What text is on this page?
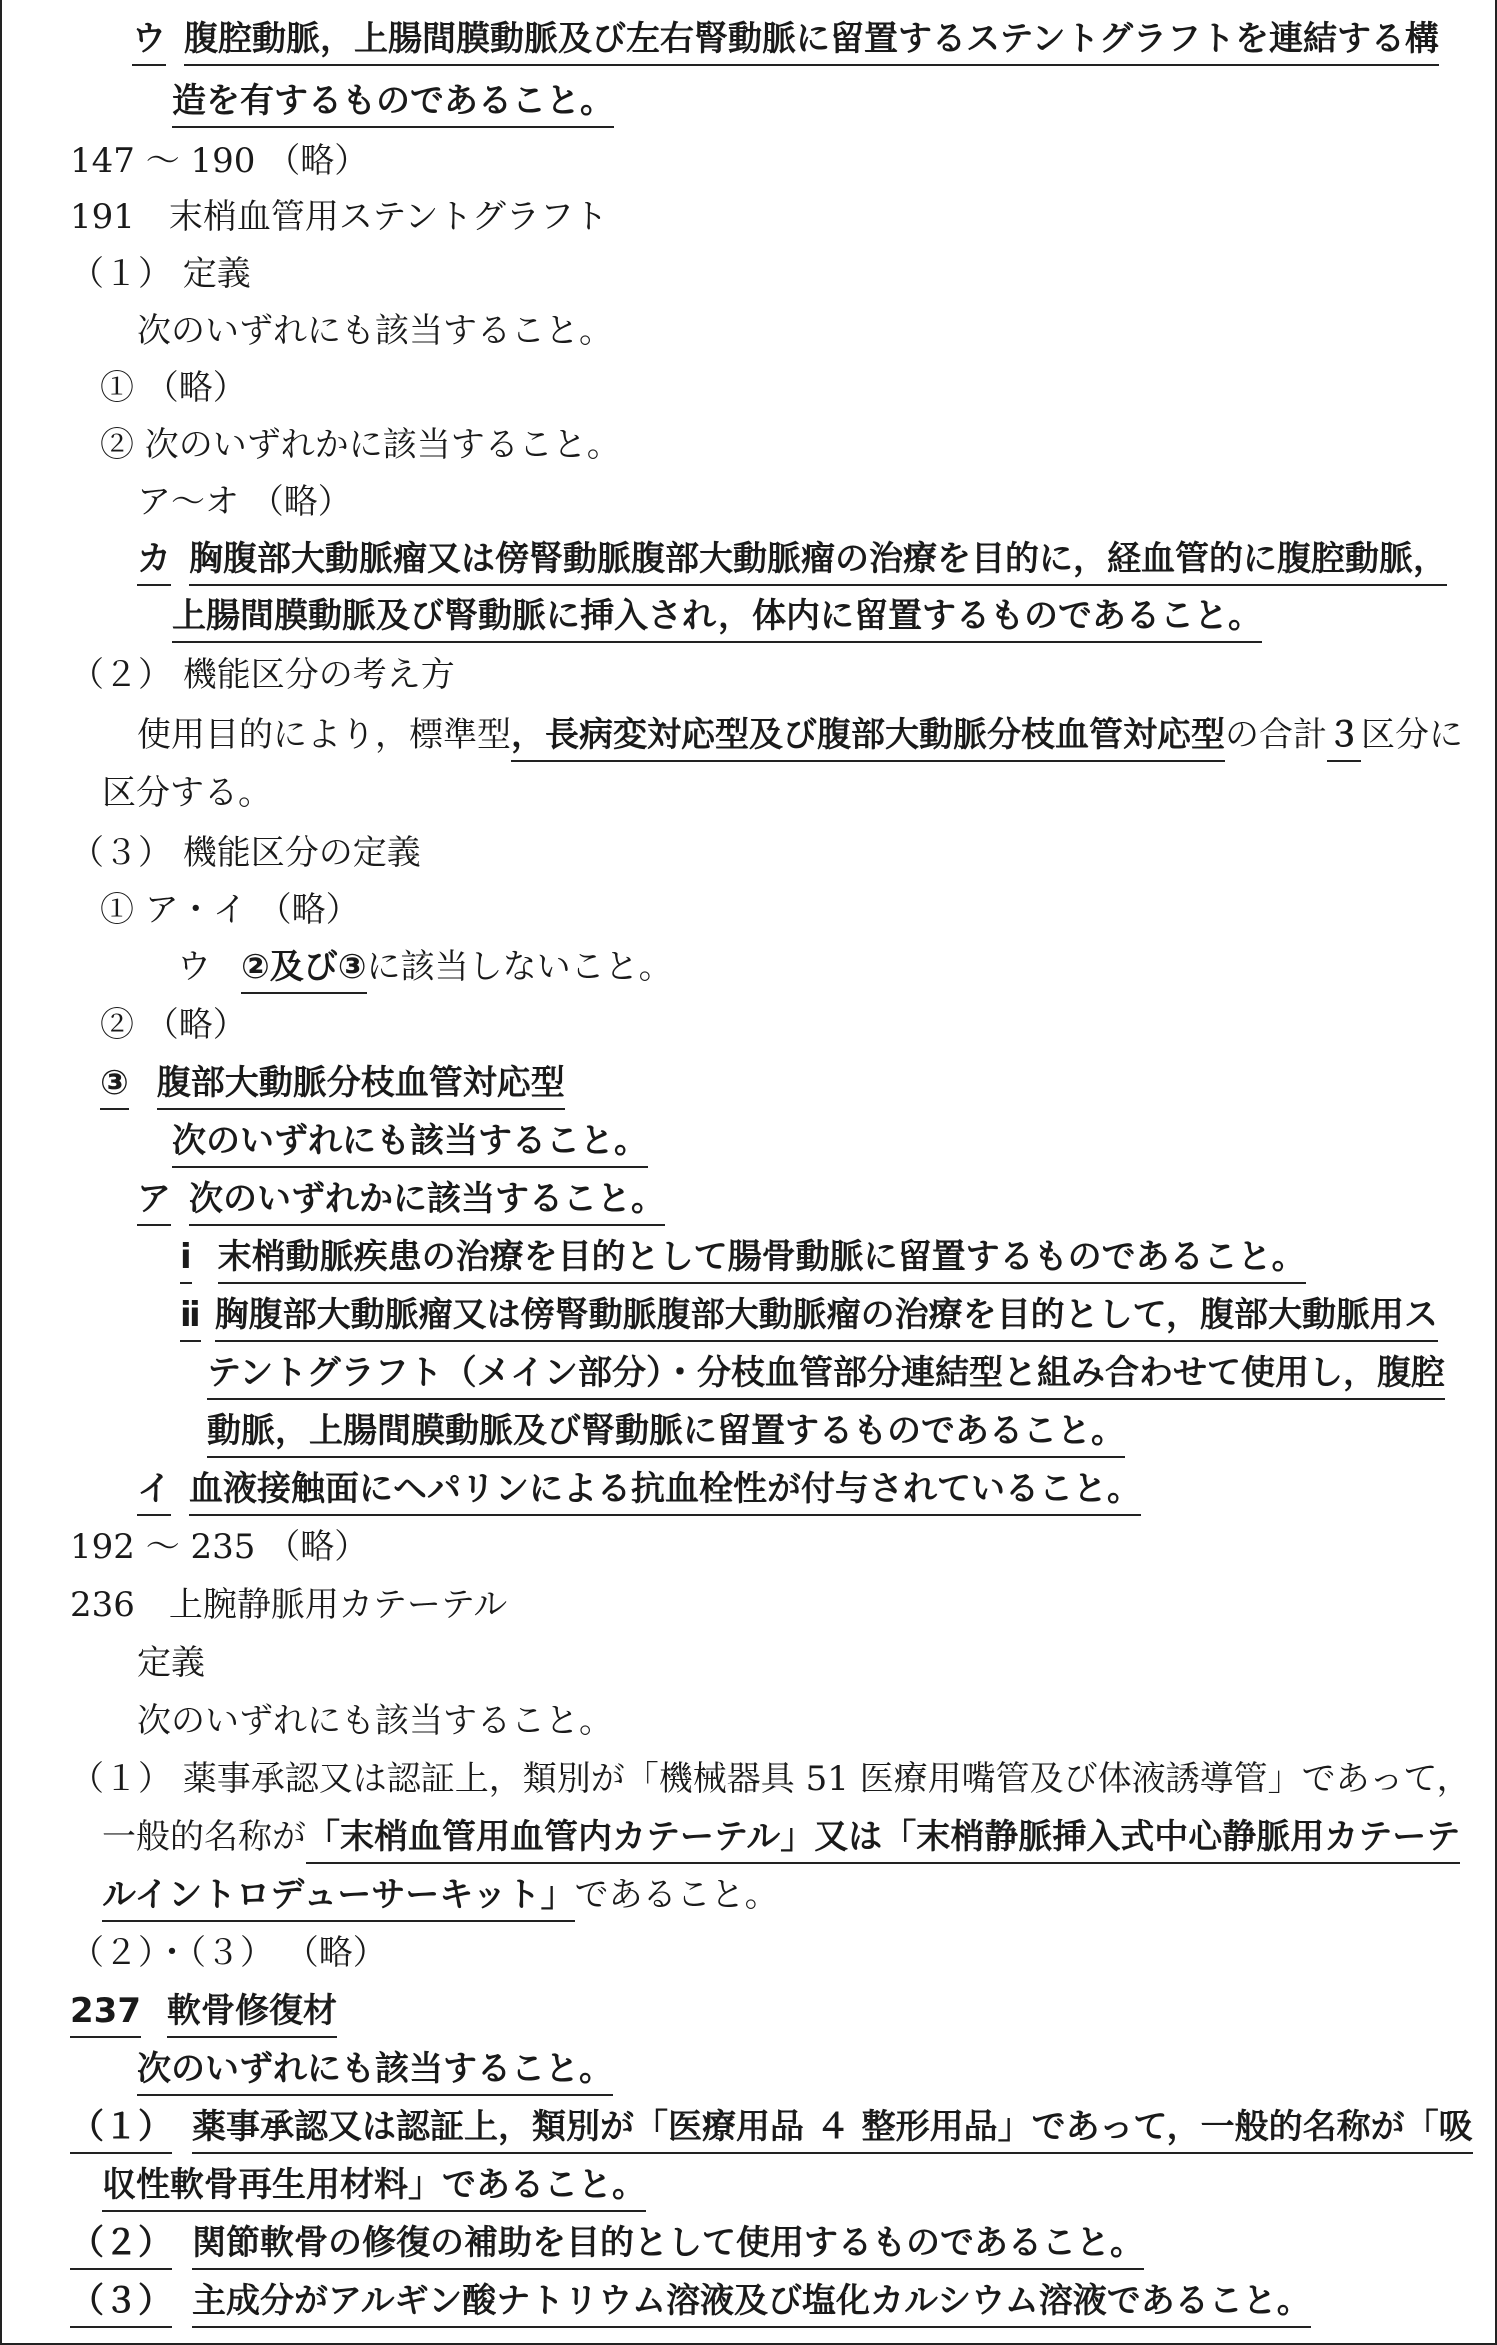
ウ 腹腔動脈，上腸間膜動脈及び左右腎動脈に留置するステントグラフトを連結する構
造を有するものであること。
147 ～ 190 （略）
191　末梢血管用ステントグラフト
（１） 定義
次のいずれにも該当すること。
① （略）
② 次のいずれかに該当すること。
ア～オ （略）
カ 胸腹部大動脈瘤又は傍腎動脈腹部大動脈瘤の治療を目的に，経血管的に腹腔動脈，
上腸間膜動脈及び腎動脈に挿入され，体内に留置するものであること。
（２） 機能区分の考え方
使用目的により，標準型，長病変対応型及び腹部大動脈分枝血管対応型の合計３区分に
区分する。
（３） 機能区分の定義
① ア・イ （略）
ウ ②及び③に該当しないこと。
② （略）
③ 腹部大動脈分枝血管対応型
次のいずれにも該当すること。
ア 次のいずれかに該当すること。
ⅰ 末梢動脈疾患の治療を目的として腸骨動脈に留置するものであること。
ⅱ 胸腹部大動脈瘤又は傍腎動脈腹部大動脈瘤の治療を目的として，腹部大動脈用ス
テントグラフト（メイン部分）・分枝血管部分連結型と組み合わせて使用し，腹腔
動脈，上腸間膜動脈及び腎動脈に留置するものであること。
イ 血液接触面にヘパリンによる抗血栓性が付与されていること。
192 ～ 235 （略）
236　上腕静脈用カテーテル
定義
次のいずれにも該当すること。
（１） 薬事承認又は認証上，類別が「機械器具 51 医療用嘴管及び体液誘導管」であって，
一般的名称が「末梢血管用血管内カテーテル」又は「末梢静脈挿入式中心静脈用カテーテ
ルイントロデューサーキット」であること。
（２）・（３） （略）
237 軟骨修復材
次のいずれにも該当すること。
（１） 薬事承認又は認証上，類別が「医療用品 ４ 整形用品」であって，一般的名称が「吸
収性軟骨再生用材料」であること。
（２） 関節軟骨の修復の補助を目的として使用するものであること。
（３） 主成分がアルギン酸ナトリウム溶液及び塩化カルシウム溶液であること。
